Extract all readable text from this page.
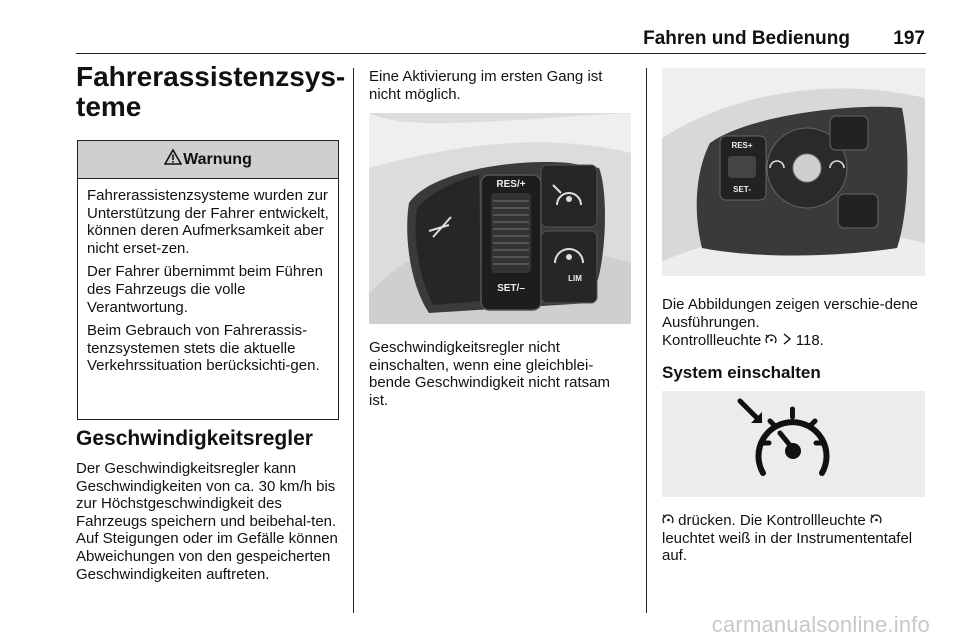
Fahren und Bedienung	197
Fahrerassistenzsys-
teme
Warnung

Fahrerassistenzsysteme wurden zur Unterstützung der Fahrer entwickelt, können deren Aufmerksamkeit aber nicht erset-zen.

Der Fahrer übernimmt beim Führen des Fahrzeugs die volle Verantwortung.

Beim Gebrauch von Fahrerassis-tenzsystemen stets die aktuelle Verkehrssituation berücksichti-gen.

Geschwindigkeitsregler

Der Geschwindigkeitsregler kann Geschwindigkeiten von ca. 30 km/h bis zur Höchstgeschwindigkeit des Fahrzeugs speichern und beibehal-ten. Auf Steigungen oder im Gefälle können Abweichungen von den gespeicherten Geschwindigkeiten auftreten.

Eine Aktivierung im ersten Gang ist nicht möglich.

RES/+
SET/–
LIM

Geschwindigkeitsregler nicht einschalten, wenn eine gleichblei-bende Geschwindigkeit nicht ratsam ist.

RES+
SET-

Die Abbildungen zeigen verschie-dene Ausführungen.

Kontrollleuchte 118.

System einschalten

drücken. Die Kontrollleuchte  leuchtet weiß in der Instrumententafel auf.

carmanualsonline.info
